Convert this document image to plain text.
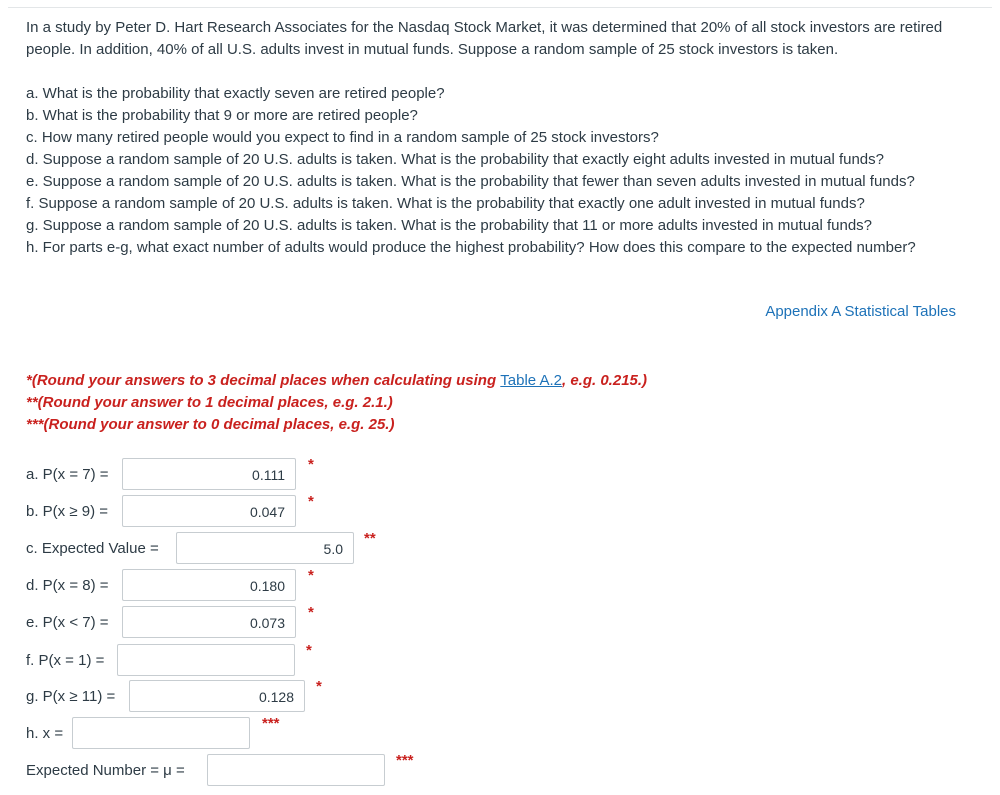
In a study by Peter D. Hart Research Associates for the Nasdaq Stock Market, it was determined that 20% of all stock investors are retired people. In addition, 40% of all U.S. adults invest in mutual funds. Suppose a random sample of 25 stock investors is taken.

a. What is the probability that exactly seven are retired people?
b. What is the probability that 9 or more are retired people?
c. How many retired people would you expect to find in a random sample of 25 stock investors?
d. Suppose a random sample of 20 U.S. adults is taken. What is the probability that exactly eight adults invested in mutual funds?
e. Suppose a random sample of 20 U.S. adults is taken. What is the probability that fewer than seven adults invested in mutual funds?
f. Suppose a random sample of 20 U.S. adults is taken. What is the probability that exactly one adult invested in mutual funds?
g. Suppose a random sample of 20 U.S. adults is taken. What is the probability that 11 or more adults invested in mutual funds?
h. For parts e-g, what exact number of adults would produce the highest probability? How does this compare to the expected number?
Appendix A Statistical Tables
*(Round your answers to 3 decimal places when calculating using Table A.2, e.g. 0.215.)
**(Round your answer to 1 decimal places, e.g. 2.1.)
***(Round your answer to 0 decimal places, e.g. 25.)
a. P(x = 7) =	0.111
*
b. P(x ≥ 9) =	0.047
*
c. Expected Value =	5.0
**
d. P(x = 8) =	0.180
*
e. P(x < 7) =	0.073
*
f. P(x = 1) =
*
g. P(x ≥ 11) =	0.128
*
h. x =
***
Expected Number = μ =
***
